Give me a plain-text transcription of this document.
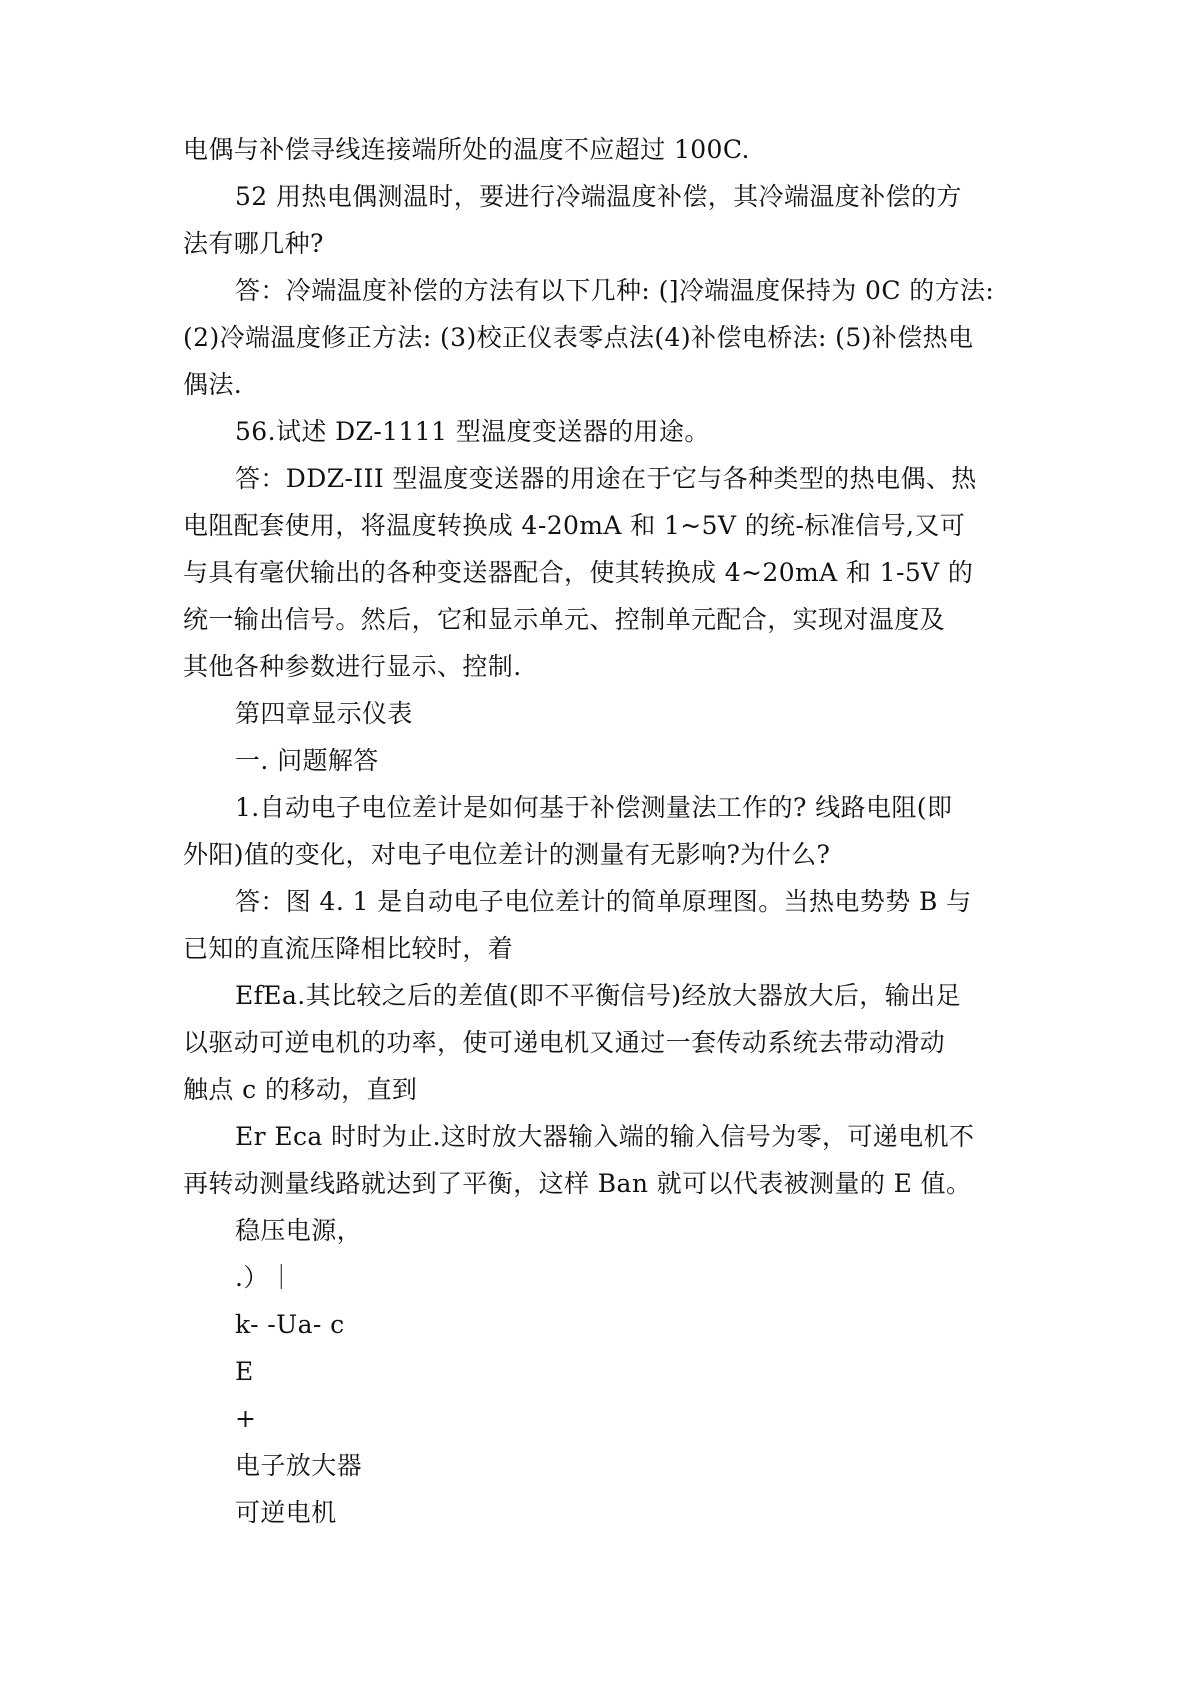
电偶与补偿寻线连接端所处的温度不应超过 100C.
52 用热电偶测温时，要进行冷端温度补偿，其冷端温度补偿的方
法有哪几种?
答：冷端温度补偿的方法有以下几种: (]冷端温度保持为 0C 的方法:
(2)冷端温度修正方法: (3)校正仪表零点法(4)补偿电桥法: (5)补偿热电
偶法.
56.试述 DZ-1111 型温度变送器的用途。
答：DDZ-III 型温度变送器的用途在于它与各种类型的热电偶、热
电阻配套使用，将温度转换成 4-20mA 和 1~5V 的统-标准信号,又可
与具有毫伏输出的各种变送器配合，使其转换成 4~20mA 和 1-5V 的
统一输出信号。然后，它和显示单元、控制单元配合，实现对温度及
其他各种参数进行显示、控制.
第四章显示仪表
一. 问题解答
1.自动电子电位差计是如何基于补偿测量法工作的? 线路电阻(即
外阳)值的变化，对电子电位差计的测量有无影响?为什么?
答：图 4. 1 是自动电子电位差计的简单原理图。当热电势势 B 与
已知的直流压降相比较时，着
EfEa.其比较之后的差值(即不平衡信号)经放大器放大后，输出足
以驱动可逆电机的功率，使可递电机又通过一套传动系统去带动滑动
触点 c 的移动，直到
Er Eca 时时为止.这时放大器输入端的输入信号为零，可递电机不
再转动测量线路就达到了平衡，这样 Ban 就可以代表被测量的 E 值。
稳压电源，
.）｜
k- -Ua- c
E
+
电子放大器
可逆电机
